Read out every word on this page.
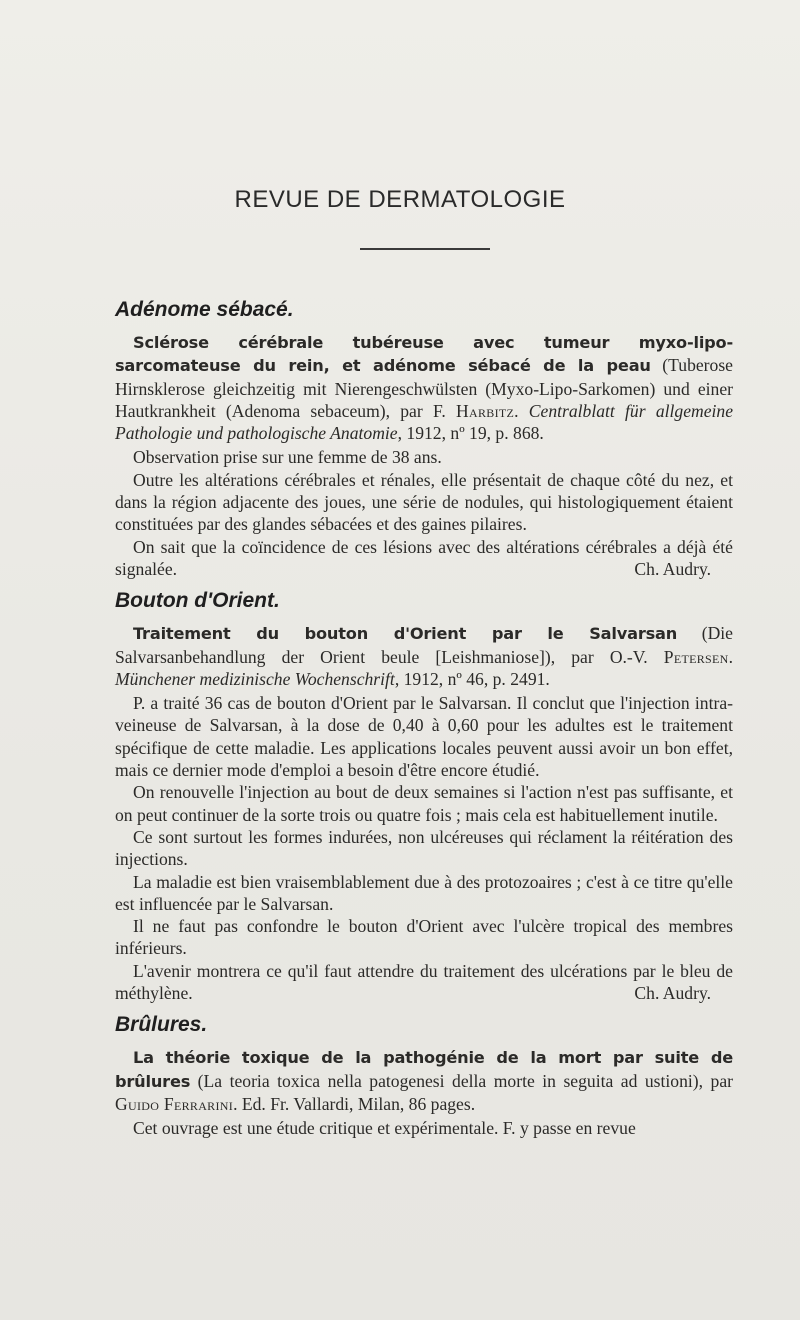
REVUE DE DERMATOLOGIE
Adénome sébacé.

Sclérose cérébrale tubéreuse avec tumeur myxo-lipo-sarcomateuse du rein, et adénome sébacé de la peau (Tuberose Hirnsklerose gleichzeitig mit Nierengeschwülsten (Myxo-Lipo-Sarkomen) und einer Hautkrankheit (Adenoma sebaceum), par F. Harbitz. Centralblatt für allgemeine Pathologie und pathologische Anatomie, 1912, nº 19, p. 868.

Observation prise sur une femme de 38 ans.

Outre les altérations cérébrales et rénales, elle présentait de chaque côté du nez, et dans la région adjacente des joues, une série de nodules, qui histologiquement étaient constituées par des glandes sébacées et des gaines pilaires.

On sait que la coïncidence de ces lésions avec des altérations cérébrales a déjà été signalée.	Ch. Audry.

Bouton d'Orient.

Traitement du bouton d'Orient par le Salvarsan (Die Salvarsanbehandlung der Orient beule [Leishmaniose]), par O.-V. Petersen. Münchener medizinische Wochenschrift, 1912, nº 46, p. 2491.

P. a traité 36 cas de bouton d'Orient par le Salvarsan. Il conclut que l'injection intra-veineuse de Salvarsan, à la dose de 0,40 à 0,60 pour les adultes est le traitement spécifique de cette maladie. Les applications locales peuvent aussi avoir un bon effet, mais ce dernier mode d'emploi a besoin d'être encore étudié.

On renouvelle l'injection au bout de deux semaines si l'action n'est pas suffisante, et on peut continuer de la sorte trois ou quatre fois ; mais cela est habituellement inutile.

Ce sont surtout les formes indurées, non ulcéreuses qui réclament la réitération des injections.

La maladie est bien vraisemblablement due à des protozoaires ; c'est à ce titre qu'elle est influencée par le Salvarsan.

Il ne faut pas confondre le bouton d'Orient avec l'ulcère tropical des membres inférieurs.

L'avenir montrera ce qu'il faut attendre du traitement des ulcérations par le bleu de méthylène.	Ch. Audry.

Brûlures.

La théorie toxique de la pathogénie de la mort par suite de brûlures (La teoria toxica nella patogenesi della morte in seguita ad ustioni), par Guido Ferrarini. Ed. Fr. Vallardi, Milan, 86 pages.

Cet ouvrage est une étude critique et expérimentale. F. y passe en revue
